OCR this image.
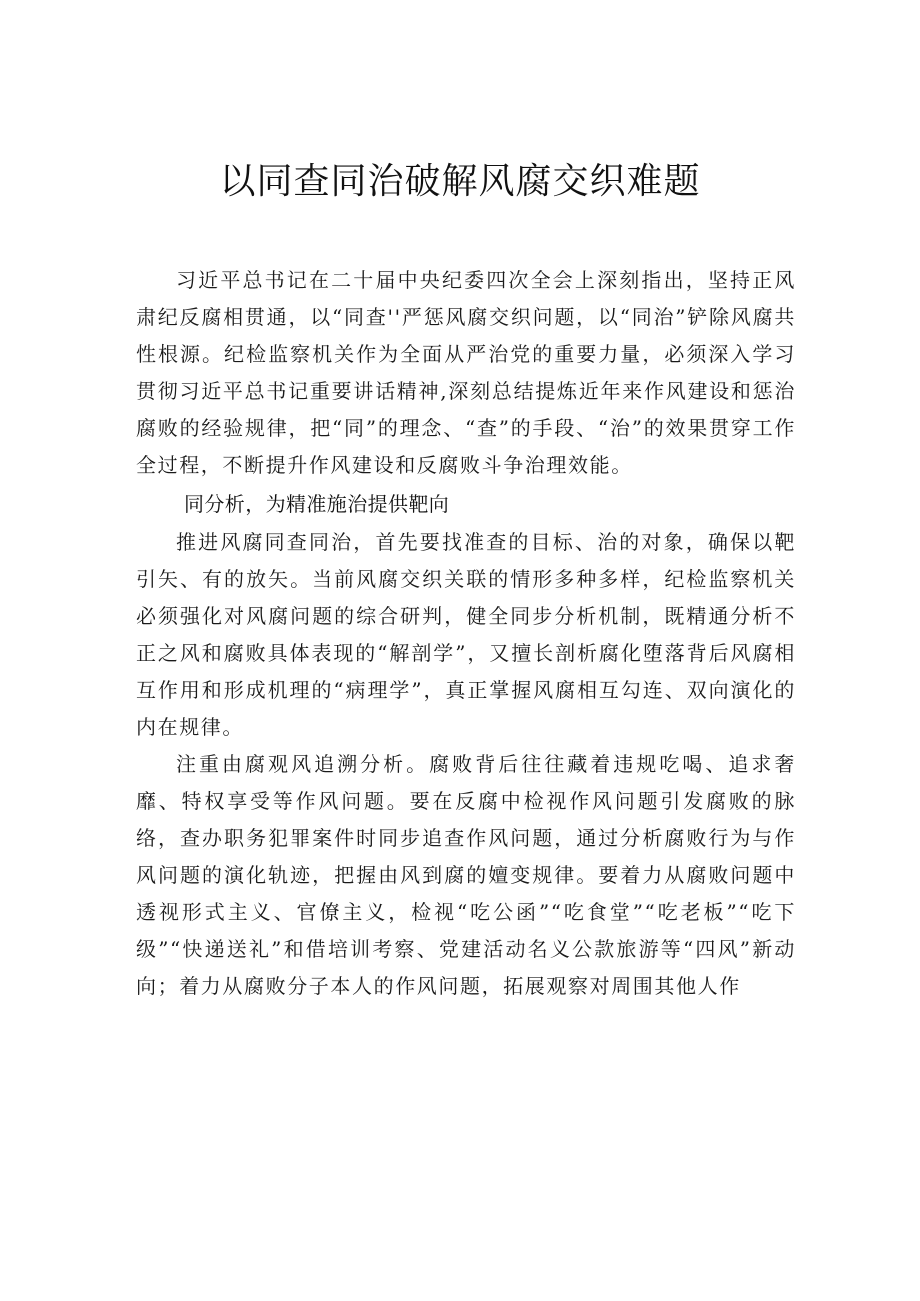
以同查同治破解风腐交织难题

习近平总书记在二十届中央纪委四次全会上深刻指出，坚持正风肃纪反腐相贯通，以“同查''严惩风腐交织问题，以“同治”铲除风腐共性根源。纪检监察机关作为全面从严治党的重要力量，必须深入学习贯彻习近平总书记重要讲话精神,深刻总结提炼近年来作风建设和惩治腐败的经验规律，把“同”的理念、“查”的手段、“治”的效果贯穿工作全过程，不断提升作风建设和反腐败斗争治理效能。

同分析，为精准施治提供靶向

推进风腐同查同治，首先要找准查的目标、治的对象，确保以靶引矢、有的放矢。当前风腐交织关联的情形多种多样，纪检监察机关必须强化对风腐问题的综合研判，健全同步分析机制，既精通分析不正之风和腐败具体表现的“解剖学”，又擅长剖析腐化堕落背后风腐相互作用和形成机理的“病理学”，真正掌握风腐相互勾连、双向演化的内在规律。

注重由腐观风追溯分析。腐败背后往往藏着违规吃喝、追求奢靡、特权享受等作风问题。要在反腐中检视作风问题引发腐败的脉络，查办职务犯罪案件时同步追查作风问题，通过分析腐败行为与作风问题的演化轨迹，把握由风到腐的嬗变规律。要着力从腐败问题中透视形式主义、官僚主义，检视“吃公函”“吃食堂”“吃老板”“吃下级”“快递送礼”和借培训考察、党建活动名义公款旅游等“四风”新动向；着力从腐败分子本人的作风问题，拓展观察对周围其他人作
